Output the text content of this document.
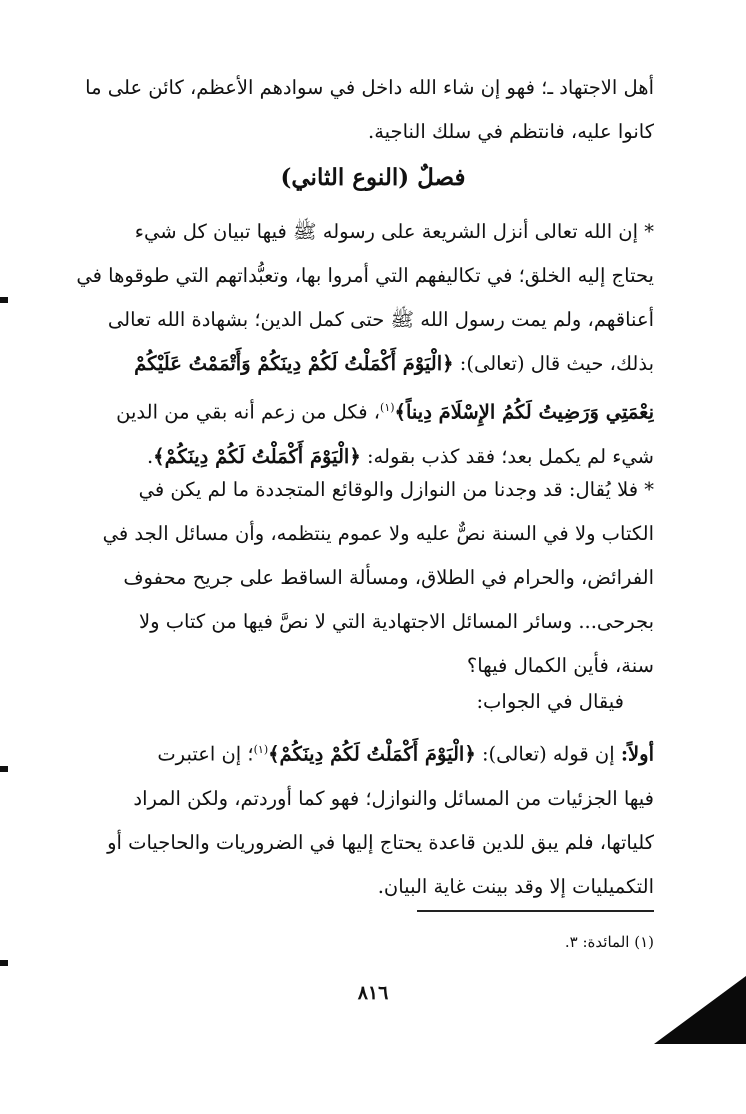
أهل الاجتهاد ـ؛ فهو إن شاء الله داخل في سوادهم الأعظم، كائن على ما
كانوا عليه، فانتظم في سلك الناجية.
فصلٌ (النوع الثاني)
* إن الله تعالى أنزل الشريعة على رسوله ﷺ فيها تبيان كل شيء
يحتاج إليه الخلق؛ في تكاليفهم التي أمروا بها، وتعبُّداتهم التي طوقوها في
أعناقهم، ولم يمت رسول الله ﷺ حتى كمل الدين؛ بشهادة الله تعالى
بذلك، حيث قال (تعالى): ﴿الْيَوْمَ أَكْمَلْتُ لَكُمْ دِينَكُمْ وَأَتْمَمْتُ عَلَيْكُمْ
نِعْمَتِي وَرَضِيتُ لَكُمُ الإِسْلَامَ دِيناً﴾$^{(١)}$، فكل من زعم أنه بقي من الدين
شيء لم يكمل بعد؛ فقد كذب بقوله: ﴿الْيَوْمَ أَكْمَلْتُ لَكُمْ دِينَكُمْ﴾.
* فلا يُقال: قد وجدنا من النوازل والوقائع المتجددة ما لم يكن في
الكتاب ولا في السنة نصٌّ عليه ولا عموم ينتظمه، وأن مسائل الجد في
الفرائض، والحرام في الطلاق، ومسألة الساقط على جريح محفوف
بجرحى... وسائر المسائل الاجتهادية التي لا نصَّ فيها من كتاب ولا
سنة، فأين الكمال فيها؟
فيقال في الجواب:
أولاً: إن قوله (تعالى): ﴿الْيَوْمَ أَكْمَلْتُ لَكُمْ دِينَكُمْ﴾$^{(١)}$؛ إن اعتبرت
فيها الجزئيات من المسائل والنوازل؛ فهو كما أوردتم، ولكن المراد
كلياتها، فلم يبق للدين قاعدة يحتاج إليها في الضروريات والحاجيات أو
التكميليات إلا وقد بينت غاية البيان.
(١) المائدة: ٣.
٨١٦
